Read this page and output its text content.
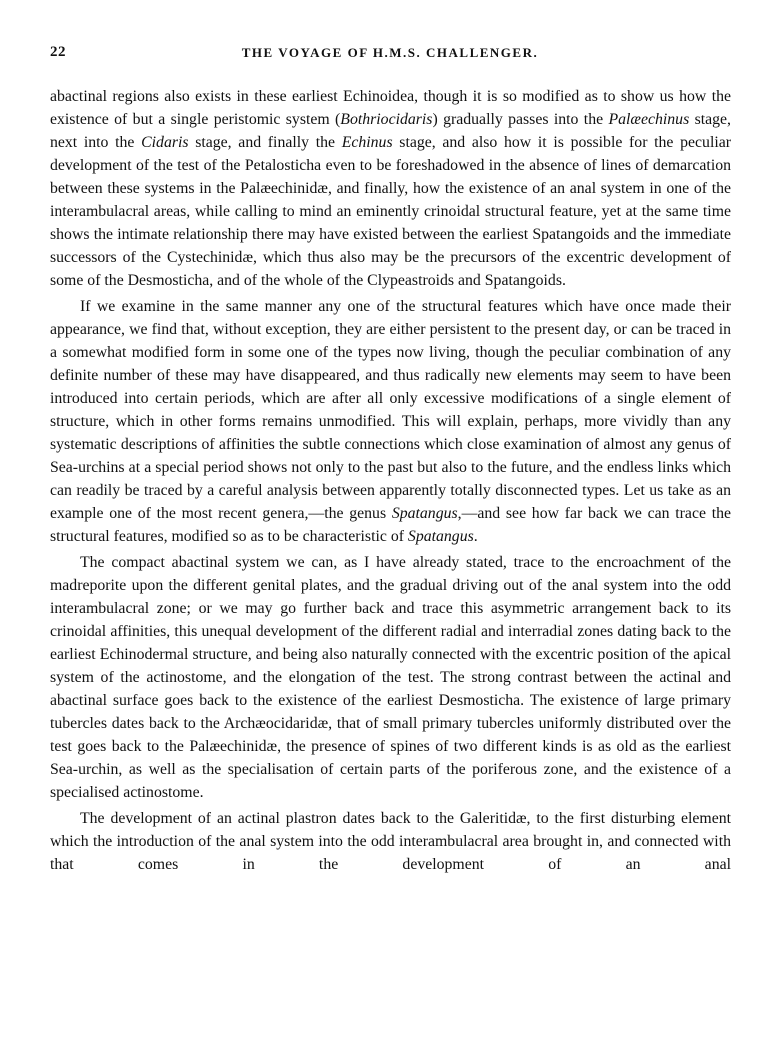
22	THE VOYAGE OF H.M.S. CHALLENGER.

abactinal regions also exists in these earliest Echinoidea, though it is so modified as to show us how the existence of but a single peristomic system (Bothriocidaris) gradually passes into the Palæechinus stage, next into the Cidaris stage, and finally the Echinus stage, and also how it is possible for the peculiar development of the test of the Petalosticha even to be foreshadowed in the absence of lines of demarcation between these systems in the Palæechinidæ, and finally, how the existence of an anal system in one of the interambulacral areas, while calling to mind an eminently crinoidal structural feature, yet at the same time shows the intimate relationship there may have existed between the earliest Spatangoids and the immediate successors of the Cystechinidæ, which thus also may be the precursors of the excentric development of some of the Desmosticha, and of the whole of the Clypeastroids and Spatangoids.

If we examine in the same manner any one of the structural features which have once made their appearance, we find that, without exception, they are either persistent to the present day, or can be traced in a somewhat modified form in some one of the types now living, though the peculiar combination of any definite number of these may have disappeared, and thus radically new elements may seem to have been introduced into certain periods, which are after all only excessive modifications of a single element of structure, which in other forms remains unmodified. This will explain, perhaps, more vividly than any systematic descriptions of affinities the subtle connections which close examination of almost any genus of Sea-urchins at a special period shows not only to the past but also to the future, and the endless links which can readily be traced by a careful analysis between apparently totally disconnected types. Let us take as an example one of the most recent genera,—the genus Spatangus,—and see how far back we can trace the structural features, modified so as to be characteristic of Spatangus.

The compact abactinal system we can, as I have already stated, trace to the encroachment of the madreporite upon the different genital plates, and the gradual driving out of the anal system into the odd interambulacral zone; or we may go further back and trace this asymmetric arrangement back to its crinoidal affinities, this unequal development of the different radial and interradial zones dating back to the earliest Echinodermal structure, and being also naturally connected with the excentric position of the apical system of the actinostome, and the elongation of the test. The strong contrast between the actinal and abactinal surface goes back to the existence of the earliest Desmosticha. The existence of large primary tubercles dates back to the Archæocidaridæ, that of small primary tubercles uniformly distributed over the test goes back to the Palæechinidæ, the presence of spines of two different kinds is as old as the earliest Sea-urchin, as well as the specialisation of certain parts of the poriferous zone, and the existence of a specialised actinostome.

The development of an actinal plastron dates back to the Galeritidæ, to the first disturbing element which the introduction of the anal system into the odd interambulacral area brought in, and connected with that comes in the development of an anal
